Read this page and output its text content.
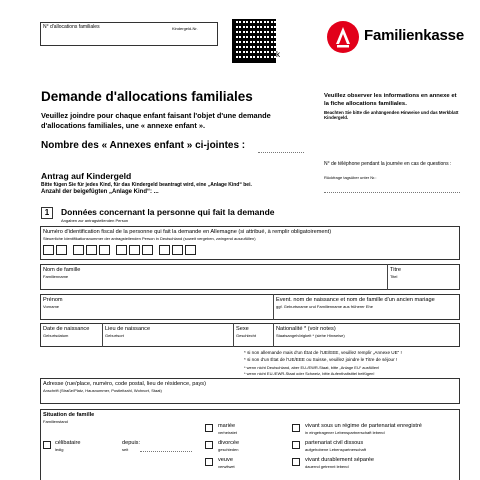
N° d'allocations familiales	Kindergeld-Nr.
k
Familienkasse
Demande d'allocations familiales
Veuillez joindre pour chaque enfant faisant l'objet d'une demande d'allocations familiales, une « annexe enfant ».
Nombre des « Annexes enfant » ci-jointes :
Veuillez observer les informations en annexe et la fiche allocations familiales.
Beachten Sie bitte die anhängenden Hinweise und das Merkblatt Kindergeld.
Antrag auf Kindergeld
Bitte fügen Sie für jedes Kind, für das Kindergeld beantragt wird, eine „Anlage Kind“ bei.
Anzahl der beigefügten „Anlage Kind“: ...
N° de téléphone pendant la journée en cas de questions :
Rückfrage tagsüber unter Nr.:
1	Données concernant la personne qui fait la demande
Angaben zur antragstellenden Person
Numéro d'identification fiscal de la personne qui fait la demande en Allemagne (si attribué, à remplir obligatoirement)
Steuerliche Identifikationsnummer der antragstellenden Person in Deutschland (soweit vergeben, zwingend auszufüllen)
Nom de famille
Familienname
Titre
Titel
Prénom
Vorname
Event. nom de naissance et nom de famille d'un ancien mariage
ggf. Geburtsname und Familienname aus früherer Ehe
Date de naissance
Geburtsdatum
Lieu de naissance
Geburtsort
Sexe
Geschlecht
Nationalité * (voir notes)
Staatsangehörigkeit * (siehe Hinweise)
* si non allemande mais d'un État de l'UE/EEE, veuillez remplir „Annexe UE“ !
* si non d'un État de l'UE/EEE ou Suisse, veuillez joindre le Titre de séjour !
* wenn nicht Deutschland, aber EU-/EWR-Staat, bitte „Anlage EU“ ausfüllen!
* wenn nicht EU-/EWR-Staat oder Schweiz, bitte Aufenthaltstitel beifügen!
Adresse (rue/place, numéro, code postal, lieu de résidence, pays)
Anschrift (Straße/Platz, Hausnummer, Postleitzahl, Wohnort, Staat)
Situation de famille
Familienstand
célibataire
ledig
depuis:
seit
mariée
verheiratet
divorcée
geschieden
veuve
verwitwet
vivant sous un régime de partenariat enregistré
in eingetragener Lebenspartnerschaft lebend
partenariat civil dissous
aufgehobene Lebenspartnerschaft
vivant durablement séparée
dauernd getrennt lebend
